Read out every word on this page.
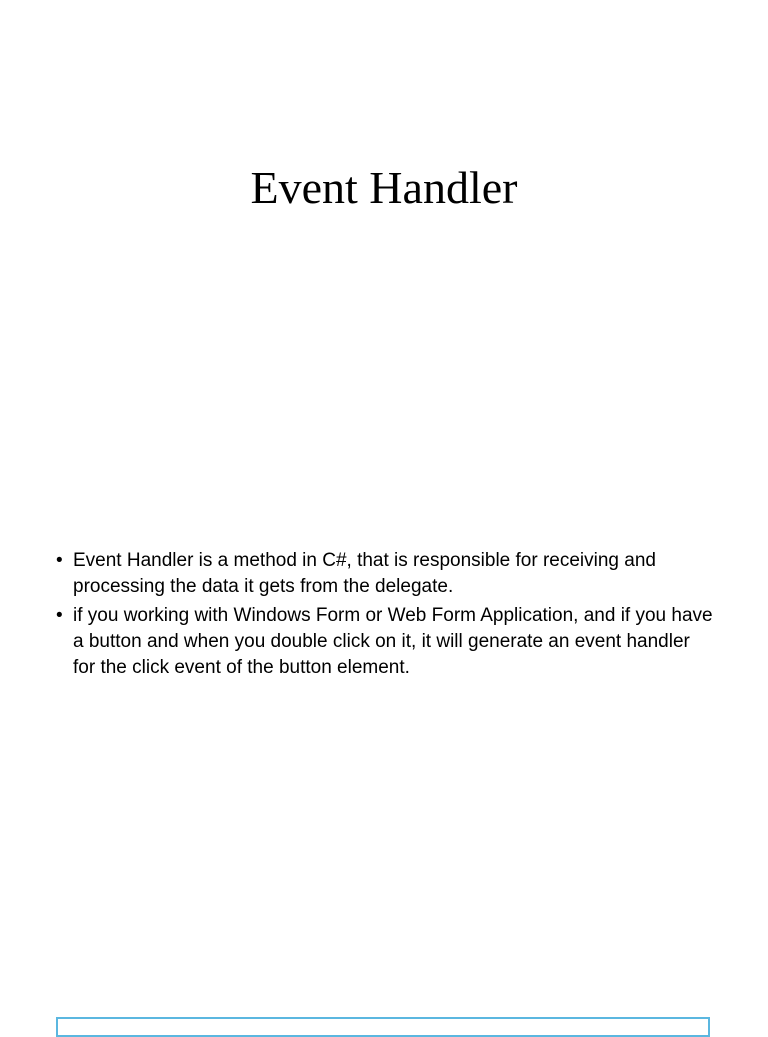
Event Handler
• Event Handler is a method in C#, that is responsible for receiving and processing the data it gets from the delegate.
• if you working with Windows Form or Web Form Application, and if you have a button and when you double click on it, it will generate an event handler for the click event of the button element.
